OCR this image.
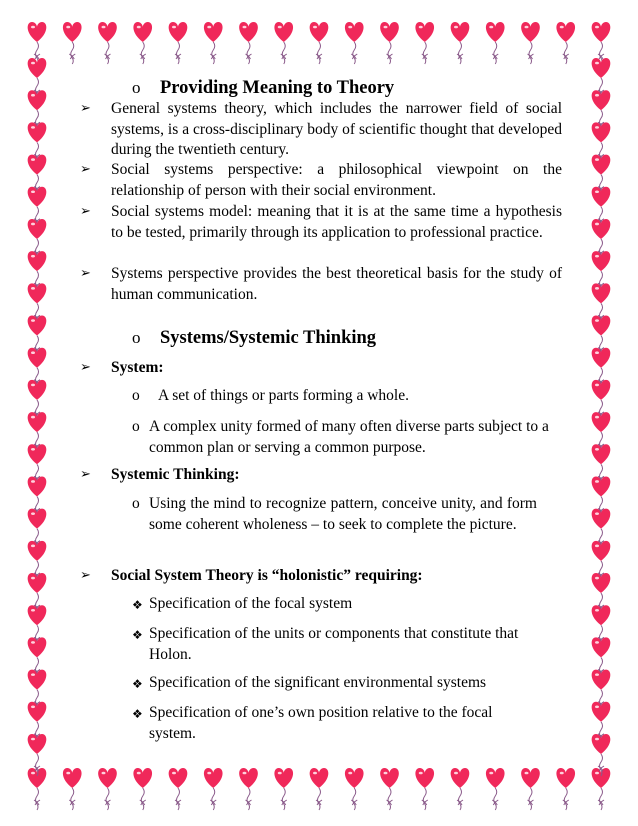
o Providing Meaning to Theory
➢ General systems theory, which includes the narrower field of social systems, is a cross-disciplinary body of scientific thought that developed during the twentieth century.
➢ Social systems perspective: a philosophical viewpoint on the relationship of person with their social environment.
➢ Social systems model: meaning that it is at the same time a hypothesis to be tested, primarily through its application to professional practice.
➢ Systems perspective provides the best theoretical basis for the study of human communication.
o Systems/Systemic Thinking
➢ System:
o A set of things or parts forming a whole.
o A complex unity formed of many often diverse parts subject to a common plan or serving a common purpose.
➢ Systemic Thinking:
o Using the mind to recognize pattern, conceive unity, and form some coherent wholeness – to seek to complete the picture.
➢ Social System Theory is “holonistic” requiring:
❖ Specification of the focal system
❖ Specification of the units or components that constitute that Holon.
❖ Specification of the significant environmental systems
❖ Specification of one’s own position relative to the focal system.
